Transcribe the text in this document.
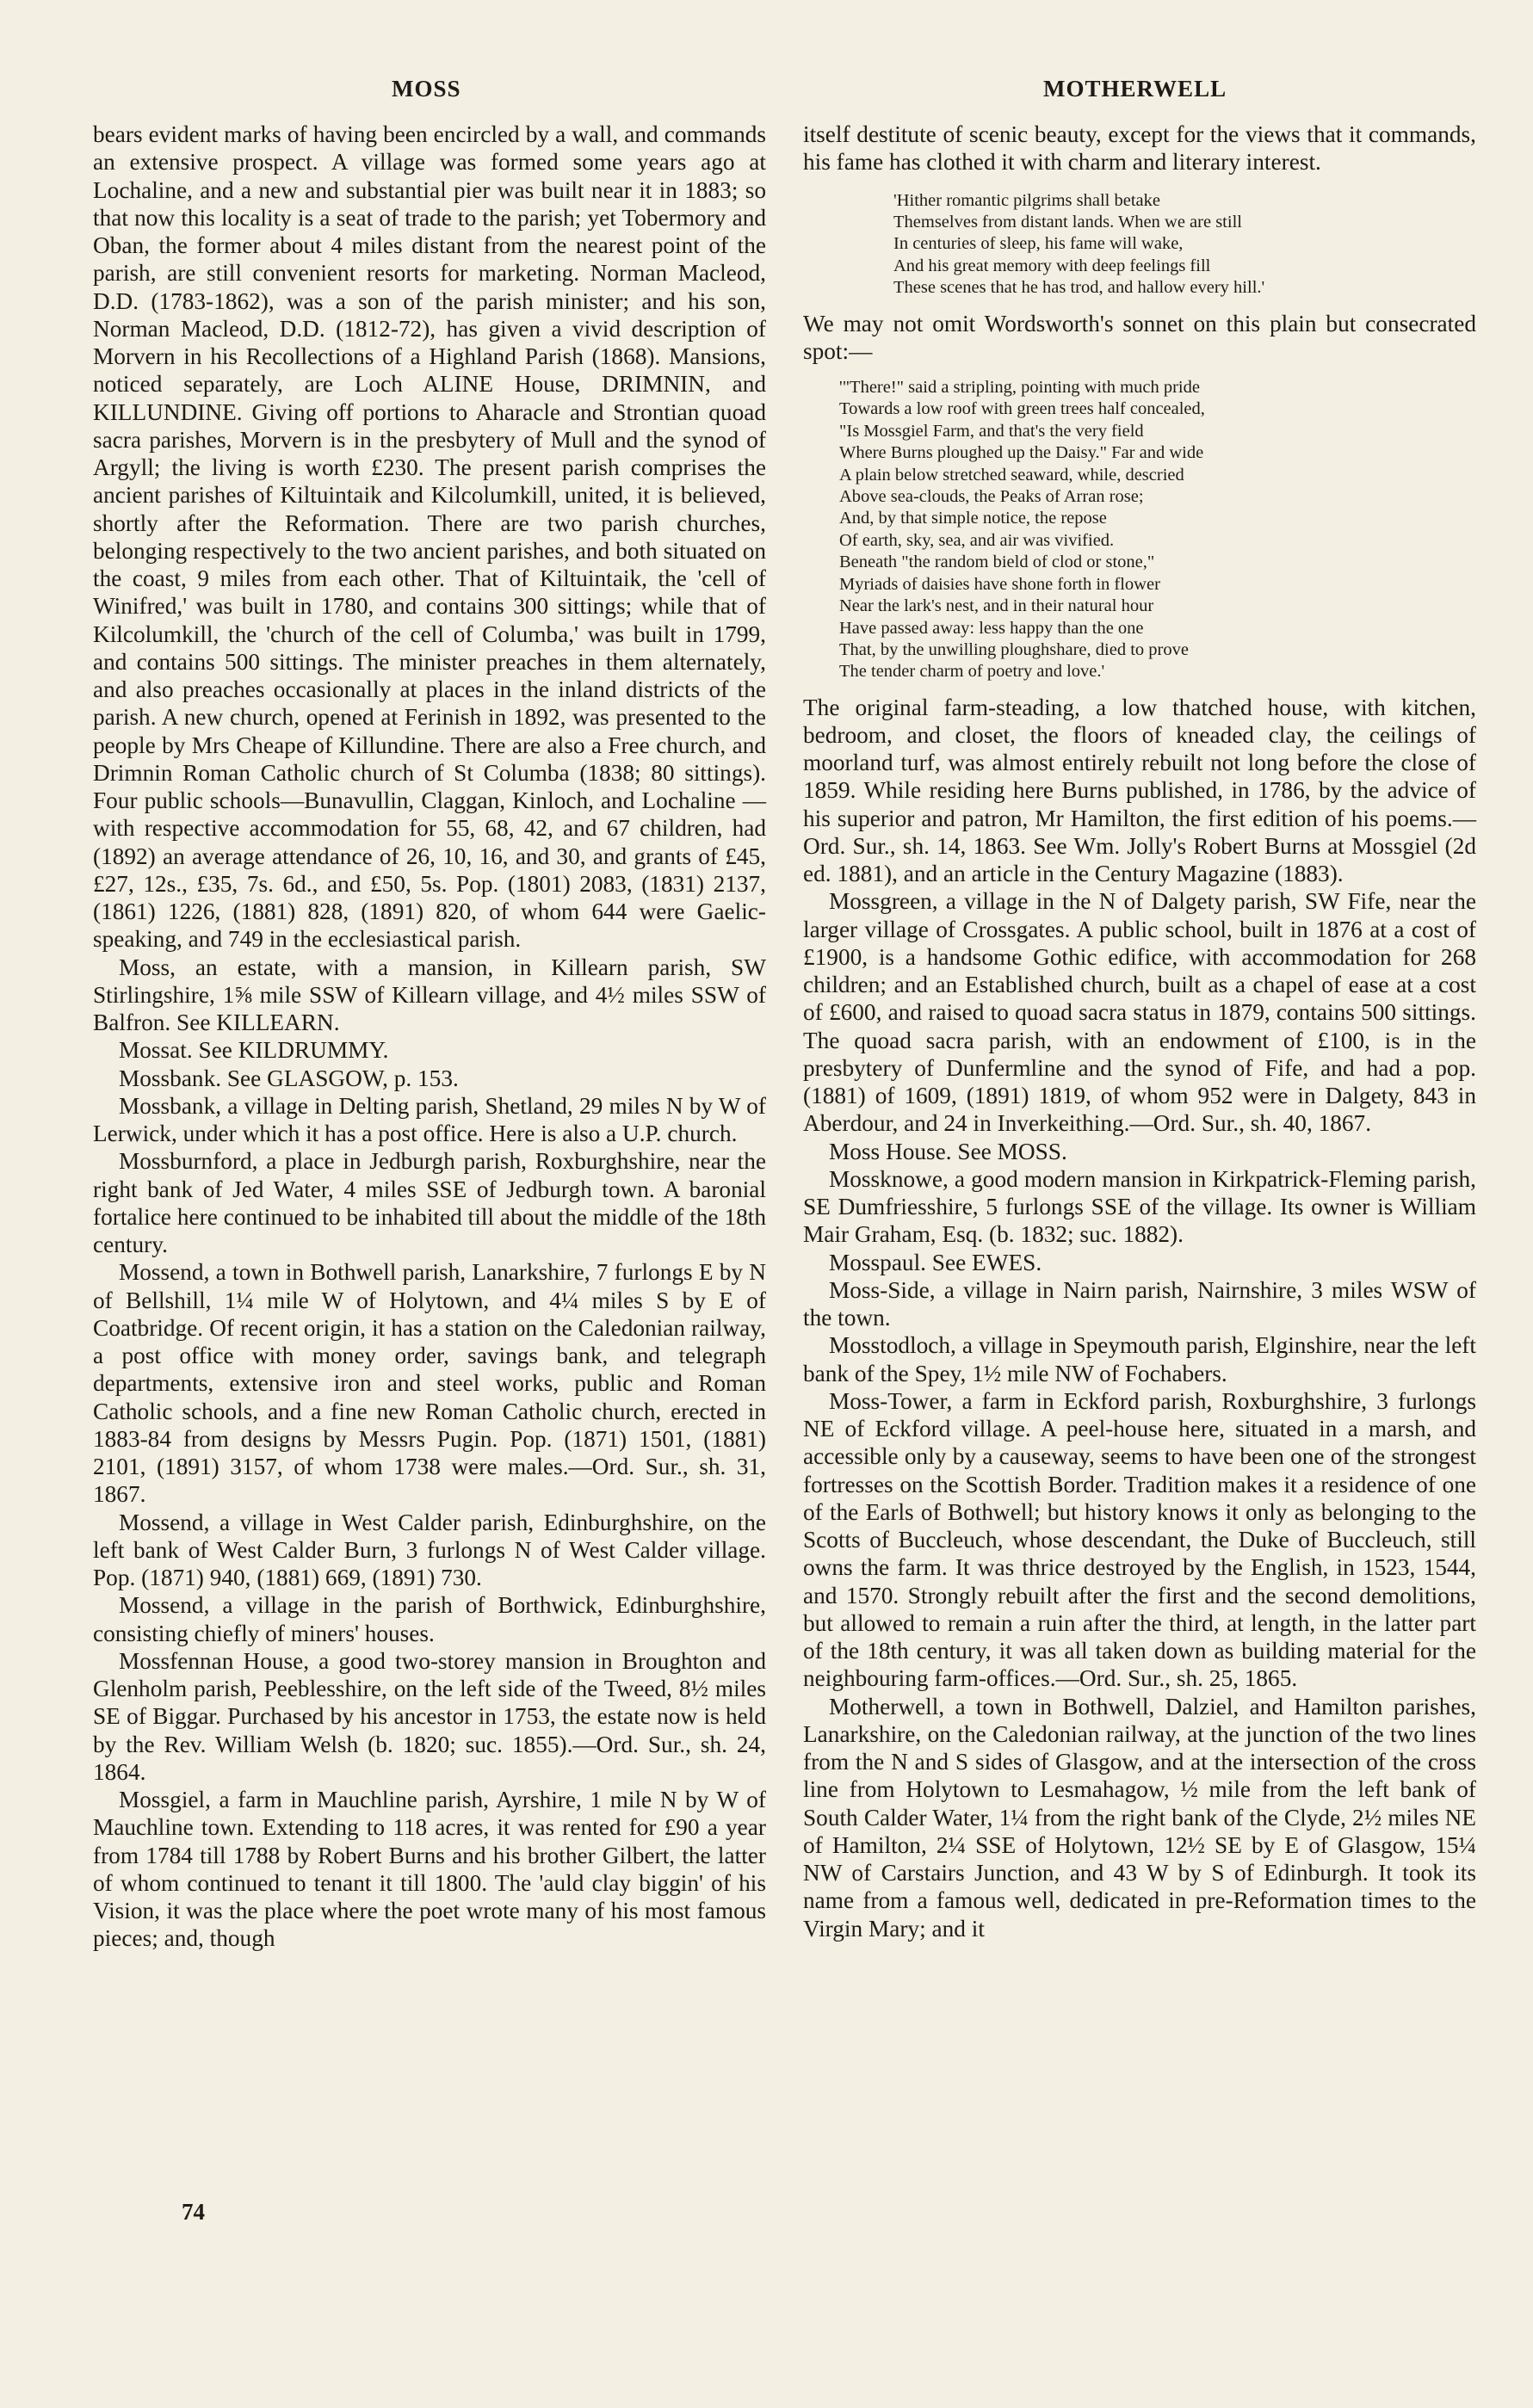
MOSS	MOTHERWELL

bears evident marks of having been encircled by a wall, and commands an extensive prospect. A village was formed some years ago at Lochaline, and a new and substantial pier was built near it in 1883; so that now this locality is a seat of trade to the parish; yet Tobermory and Oban, the former about 4 miles distant from the nearest point of the parish, are still convenient resorts for marketing. Norman Macleod, D.D. (1783-1862), was a son of the parish minister; and his son, Norman Macleod, D.D. (1812-72), has given a vivid description of Morvern in his Recollections of a Highland Parish (1868). Mansions, noticed separately, are Loch ALINE House, DRIMNIN, and KILLUNDINE. Giving off portions to Aharacle and Strontian quoad sacra parishes, Morvern is in the presbytery of Mull and the synod of Argyll; the living is worth £230. The present parish comprises the ancient parishes of Kiltuintaik and Kilcolumkill, united, it is believed, shortly after the Reformation. There are two parish churches, belonging respectively to the two ancient parishes, and both situated on the coast, 9 miles from each other. That of Kiltuintaik, the 'cell of Winifred,' was built in 1780, and contains 300 sittings; while that of Kilcolumkill, the 'church of the cell of Columba,' was built in 1799, and contains 500 sittings. The minister preaches in them alternately, and also preaches occasionally at places in the inland districts of the parish. A new church, opened at Ferinish in 1892, was presented to the people by Mrs Cheape of Killundine. There are also a Free church, and Drimnin Roman Catholic church of St Columba (1838; 80 sittings). Four public schools—Bunavullin, Claggan, Kinloch, and Lochaline —with respective accommodation for 55, 68, 42, and 67 children, had (1892) an average attendance of 26, 10, 16, and 30, and grants of £45, £27, 12s., £35, 7s. 6d., and £50, 5s. Pop. (1801) 2083, (1831) 2137, (1861) 1226, (1881) 828, (1891) 820, of whom 644 were Gaelic-speaking, and 749 in the ecclesiastical parish.

Moss, an estate, with a mansion, in Killearn parish, SW Stirlingshire, 1⅝ mile SSW of Killearn village, and 4½ miles SSW of Balfron. See KILLEARN.

Mossat. See KILDRUMMY.

Mossbank. See GLASGOW, p. 153.

Mossbank, a village in Delting parish, Shetland, 29 miles N by W of Lerwick, under which it has a post office. Here is also a U.P. church.

Mossburnford, a place in Jedburgh parish, Roxburghshire, near the right bank of Jed Water, 4 miles SSE of Jedburgh town. A baronial fortalice here continued to be inhabited till about the middle of the 18th century.

Mossend, a town in Bothwell parish, Lanarkshire, 7 furlongs E by N of Bellshill, 1¼ mile W of Holytown, and 4¼ miles S by E of Coatbridge. Of recent origin, it has a station on the Caledonian railway, a post office with money order, savings bank, and telegraph departments, extensive iron and steel works, public and Roman Catholic schools, and a fine new Roman Catholic church, erected in 1883-84 from designs by Messrs Pugin. Pop. (1871) 1501, (1881) 2101, (1891) 3157, of whom 1738 were males.—Ord. Sur., sh. 31, 1867.

Mossend, a village in West Calder parish, Edinburghshire, on the left bank of West Calder Burn, 3 furlongs N of West Calder village. Pop. (1871) 940, (1881) 669, (1891) 730.

Mossend, a village in the parish of Borthwick, Edinburghshire, consisting chiefly of miners' houses.

Mossfennan House, a good two-storey mansion in Broughton and Glenholm parish, Peeblesshire, on the left side of the Tweed, 8½ miles SE of Biggar. Purchased by his ancestor in 1753, the estate now is held by the Rev. William Welsh (b. 1820; suc. 1855).—Ord. Sur., sh. 24, 1864.

Mossgiel, a farm in Mauchline parish, Ayrshire, 1 mile N by W of Mauchline town. Extending to 118 acres, it was rented for £90 a year from 1784 till 1788 by Robert Burns and his brother Gilbert, the latter of whom continued to tenant it till 1800. The 'auld clay biggin' of his Vision, it was the place where the poet wrote many of his most famous pieces; and, though

itself destitute of scenic beauty, except for the views that it commands, his fame has clothed it with charm and literary interest.

'Hither romantic pilgrims shall betake
Themselves from distant lands. When we are still
In centuries of sleep, his fame will wake,
And his great memory with deep feelings fill
These scenes that he has trod, and hallow every hill.'

We may not omit Wordsworth's sonnet on this plain but consecrated spot:—

'"There!" said a stripling, pointing with much pride
Towards a low roof with green trees half concealed,
"Is Mossgiel Farm, and that's the very field
Where Burns ploughed up the Daisy." Far and wide
A plain below stretched seaward, while, descried
Above sea-clouds, the Peaks of Arran rose;
And, by that simple notice, the repose
Of earth, sky, sea, and air was vivified.
Beneath "the random bield of clod or stone,"
Myriads of daisies have shone forth in flower
Near the lark's nest, and in their natural hour
Have passed away: less happy than the one
That, by the unwilling ploughshare, died to prove
The tender charm of poetry and love.'

The original farm-steading, a low thatched house, with kitchen, bedroom, and closet, the floors of kneaded clay, the ceilings of moorland turf, was almost entirely rebuilt not long before the close of 1859. While residing here Burns published, in 1786, by the advice of his superior and patron, Mr Hamilton, the first edition of his poems.—Ord. Sur., sh. 14, 1863. See Wm. Jolly's Robert Burns at Mossgiel (2d ed. 1881), and an article in the Century Magazine (1883).

Mossgreen, a village in the N of Dalgety parish, SW Fife, near the larger village of Crossgates. A public school, built in 1876 at a cost of £1900, is a handsome Gothic edifice, with accommodation for 268 children; and an Established church, built as a chapel of ease at a cost of £600, and raised to quoad sacra status in 1879, contains 500 sittings. The quoad sacra parish, with an endowment of £100, is in the presbytery of Dunfermline and the synod of Fife, and had a pop. (1881) of 1609, (1891) 1819, of whom 952 were in Dalgety, 843 in Aberdour, and 24 in Inverkeithing.—Ord. Sur., sh. 40, 1867.

Moss House. See MOSS.

Mossknowe, a good modern mansion in Kirkpatrick-Fleming parish, SE Dumfriesshire, 5 furlongs SSE of the village. Its owner is William Mair Graham, Esq. (b. 1832; suc. 1882).

Mosspaul. See EWES.

Moss-Side, a village in Nairn parish, Nairnshire, 3 miles WSW of the town.

Mosstodloch, a village in Speymouth parish, Elginshire, near the left bank of the Spey, 1½ mile NW of Fochabers.

Moss-Tower, a farm in Eckford parish, Roxburghshire, 3 furlongs NE of Eckford village. A peel-house here, situated in a marsh, and accessible only by a causeway, seems to have been one of the strongest fortresses on the Scottish Border. Tradition makes it a residence of one of the Earls of Bothwell; but history knows it only as belonging to the Scotts of Buccleuch, whose descendant, the Duke of Buccleuch, still owns the farm. It was thrice destroyed by the English, in 1523, 1544, and 1570. Strongly rebuilt after the first and the second demolitions, but allowed to remain a ruin after the third, at length, in the latter part of the 18th century, it was all taken down as building material for the neighbouring farm-offices.—Ord. Sur., sh. 25, 1865.

Motherwell, a town in Bothwell, Dalziel, and Hamilton parishes, Lanarkshire, on the Caledonian railway, at the junction of the two lines from the N and S sides of Glasgow, and at the intersection of the cross line from Holytown to Lesmahagow, ½ mile from the left bank of South Calder Water, 1¼ from the right bank of the Clyde, 2½ miles NE of Hamilton, 2¼ SSE of Holytown, 12½ SE by E of Glasgow, 15¼ NW of Carstairs Junction, and 43 W by S of Edinburgh. It took its name from a famous well, dedicated in pre-Reformation times to the Virgin Mary; and it

74
